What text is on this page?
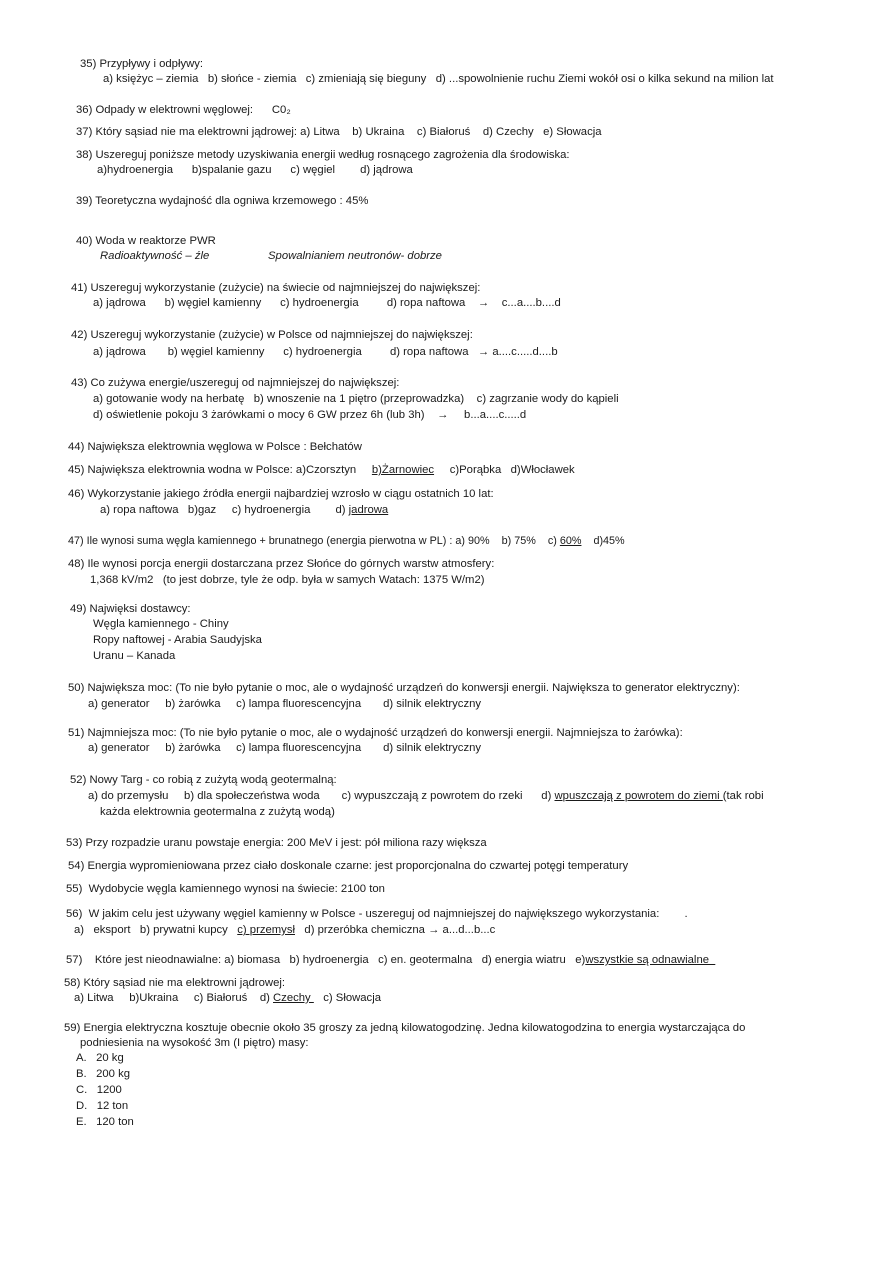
35) Przypływy i odpływy:
a) księżyc – ziemia   b) słońce - ziemia   c) zmieniają się bieguny   d) ...spowolnienie ruchu Ziemi wokół osi o kilka sekund na milion lat
36) Odpady w elektrowni węglowej:      C0₂
37) Który sąsiad nie ma elektrowni jądrowej: a) Litwa    b) Ukraina    c) Białoruś    d) Czechy   e) Słowacja
38) Uszereguj poniższe metody uzyskiwania energii według rosnącego zagrożenia dla środowiska:
a)hydroenergia      b)spalanie gazu      c) węgiel        d) jądrowa
39) Teoretyczna wydajność dla ogniwa krzemowego : 45%
40) Woda w reaktorze PWR
Radioaktywność – źle	Spowalnianiem neutronów- dobrze
41) Uszereguj wykorzystanie (zużycie) na świecie od najmniejszej do największej:
a) jądrowa      b) węgiel kamienny      c) hydroenergia         d) ropa naftowa    →    c...a....b....d
42) Uszereguj wykorzystanie (zużycie) w Polsce od najmniejszej do największej:
a) jądrowa       b) węgiel kamienny      c) hydroenergia         d) ropa naftowa   → a....c.....d....b
43) Co zużywa energie/uszereguj od najmniejszej do największej:
a) gotowanie wody na herbatę   b) wnoszenie na 1 piętro (przeprowadzka)    c) zagrzanie wody do kąpieli
d) oświetlenie pokoju 3 żarówkami o mocy 6 GW przez 6h (lub 3h)    →     b...a....c.....d
44) Największa elektrownia węglowa w Polsce : Bełchatów
45) Największa elektrownia wodna w Polsce: a)Czorsztyn     b)Żarnowiec     c)Porąbka   d)Włocławek
46) Wykorzystanie jakiego źródła energii najbardziej wzrosło w ciągu ostatnich 10 lat:
a) ropa naftowa   b)gaz     c) hydroenergia        d) jadrowa
47) Ile wynosi suma węgla kamiennego + brunatnego (energia pierwotna w PL) : a) 90%    b) 75%    c) 60%    d)45%
48) Ile wynosi porcja energii dostarczana przez Słońce do górnych warstw atmosfery:
1,368 kV/m2   (to jest dobrze, tyle że odp. była w samych Watach: 1375 W/m2)
49) Najwięksi dostawcy:
Węgla kamiennego - Chiny
Ropy naftowej - Arabia Saudyjska
Uranu – Kanada
50) Największa moc: (To nie było pytanie o moc, ale o wydajność urządzeń do konwersji energii. Największa to generator elektryczny):
a) generator     b) żarówka     c) lampa fluorescencyjna       d) silnik elektryczny
51) Najmniejsza moc: (To nie było pytanie o moc, ale o wydajność urządzeń do konwersji energii. Najmniejsza to żarówka):
a) generator     b) żarówka     c) lampa fluorescencyjna       d) silnik elektryczny
52) Nowy Targ - co robią z zużytą wodą geotermalną:
a) do przemysłu     b) dla społeczeństwa woda       c) wypuszczają z powrotem do rzeki      d) wpuszczają z powrotem do ziemi (tak robi
każda elektrownia geotermalna z zużytą wodą)
53) Przy rozpadzie uranu powstaje energia: 200 MeV i jest: pół miliona razy większa
54) Energia wypromieniowana przez ciało doskonale czarne: jest proporcjonalna do czwartej potęgi temperatury
55)  Wydobycie węgla kamiennego wynosi na świecie: 2100 ton
56)  W jakim celu jest używany węgiel kamienny w Polsce - uszereguj od najmniejszej do największego wykorzystania:        .
a)   eksport   b) prywatni kupcy   c) przemysł   d) przeróbka chemiczna → a...d...b...c
57)    Które jest nieodnawialne: a) biomasa   b) hydroenergia   c) en. geotermalna   d) energia wiatru   e)wszystkie są odnawialne
58) Który sąsiad nie ma elektrowni jądrowej:
a) Litwa     b)Ukraina     c) Białoruś    d) Czechy    c) Słowacja
59) Energia elektryczna kosztuje obecnie około 35 groszy za jedną kilowatogodzinę. Jedna kilowatogodzina to energia wystarczająca do
podniesienia na wysokość 3m (I piętro) masy:
A.   20 kg
B.   200 kg
C.   1200
D.   12 ton
E.   120 ton
